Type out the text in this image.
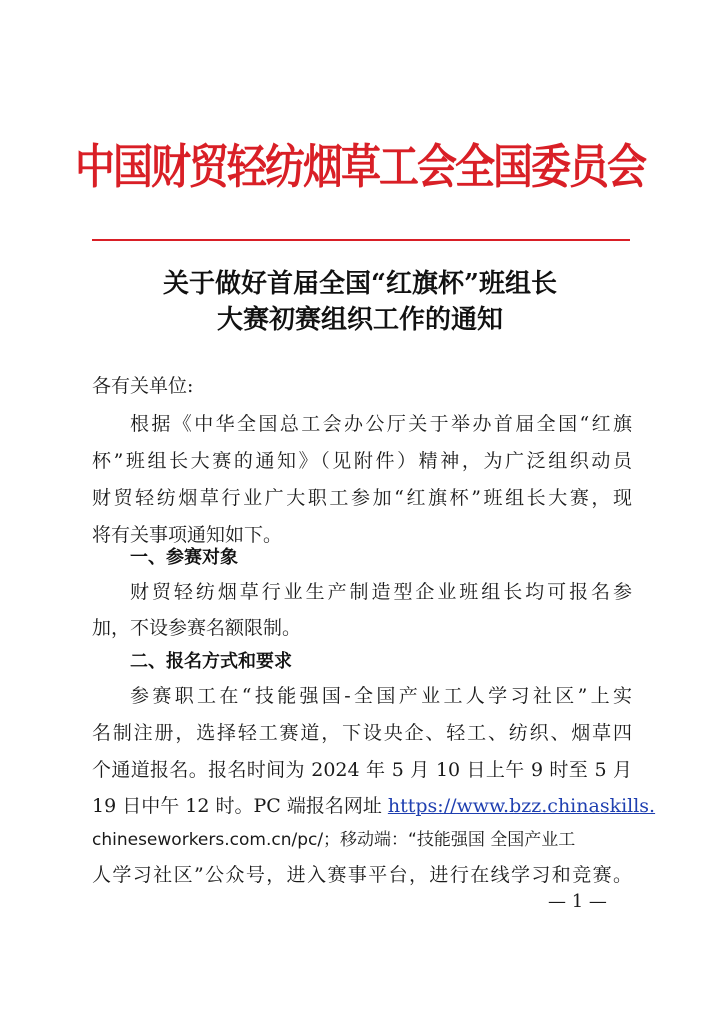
中国财贸轻纺烟草工会全国委员会
关于做好首届全国“红旗杯”班组长
大赛初赛组织工作的通知
各有关单位:
根据《中华全国总工会办公厅关于举办首届全国“红旗
杯”班组长大赛的通知》（见附件）精神，为广泛组织动员
财贸轻纺烟草行业广大职工参加“红旗杯”班组长大赛，现
将有关事项通知如下。
一、参赛对象
财贸轻纺烟草行业生产制造型企业班组长均可报名参
加，不设参赛名额限制。
二、报名方式和要求
参赛职工在“技能强国-全国产业工人学习社区”上实
名制注册，选择轻工赛道，下设央企、轻工、纺织、烟草四
个通道报名。报名时间为 2024 年 5 月 10 日上午 9 时至 5 月
19 日中午 12 时。PC 端报名网址 https://www.bzz.chinaskills.
chineseworkers.com.cn/pc/；移动端：“技能强国 全国产业工
人学习社区”公众号，进入赛事平台，进行在线学习和竞赛。
— 1 —
